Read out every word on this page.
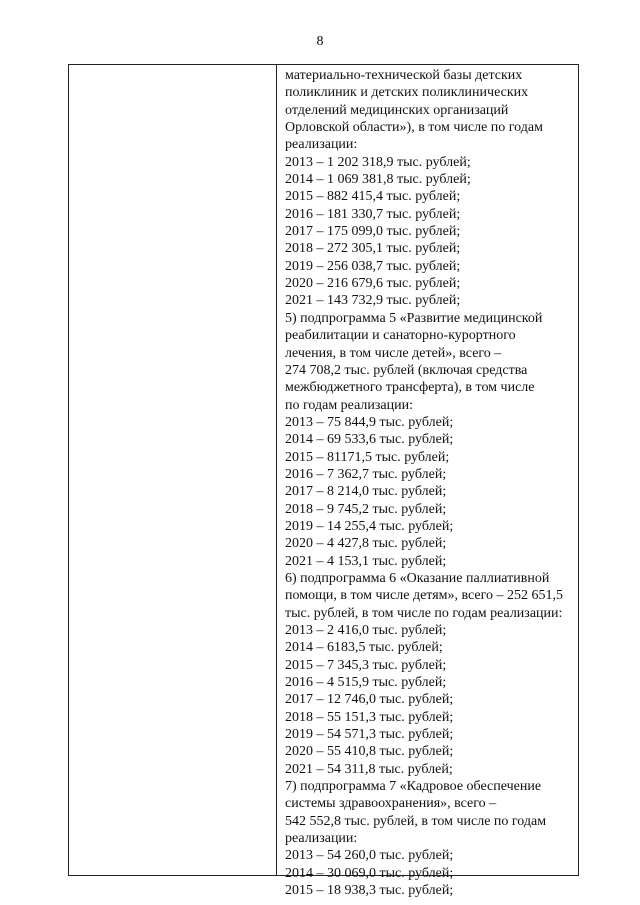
8
материально-технической базы детских
поликлиник и детских поликлинических
отделений медицинских организаций
Орловской области»), в том числе по годам
реализации:
2013 – 1 202 318,9 тыс. рублей;
2014 – 1 069 381,8 тыс. рублей;
2015 – 882 415,4 тыс. рублей;
2016 – 181 330,7 тыс. рублей;
2017 – 175 099,0 тыс. рублей;
2018 – 272 305,1 тыс. рублей;
2019 – 256 038,7 тыс. рублей;
2020 – 216 679,6 тыс. рублей;
2021 – 143 732,9 тыс. рублей;
5) подпрограмма 5 «Развитие медицинской
реабилитации и санаторно-курортного
лечения, в том числе детей», всего –
274 708,2 тыс. рублей (включая средства
межбюджетного трансферта), в том числе
по годам реализации:
2013 – 75 844,9 тыс. рублей;
2014 – 69 533,6 тыс. рублей;
2015 – 81171,5 тыс. рублей;
2016 – 7 362,7 тыс. рублей;
2017 – 8 214,0 тыс. рублей;
2018 – 9 745,2 тыс. рублей;
2019 – 14 255,4 тыс. рублей;
2020 – 4 427,8 тыс. рублей;
2021 – 4 153,1 тыс. рублей;
6) подпрограмма 6 «Оказание паллиативной
помощи, в том числе детям», всего – 252 651,5
тыс. рублей, в том числе по годам реализации:
2013 – 2 416,0 тыс. рублей;
2014 – 6183,5 тыс. рублей;
2015 – 7 345,3 тыс. рублей;
2016 – 4 515,9 тыс. рублей;
2017 – 12 746,0 тыс. рублей;
2018 – 55 151,3 тыс. рублей;
2019 – 54 571,3 тыс. рублей;
2020 – 55 410,8 тыс. рублей;
2021 – 54 311,8 тыс. рублей;
7) подпрограмма 7 «Кадровое обеспечение
системы здравоохранения», всего –
542 552,8 тыс. рублей, в том числе по годам
реализации:
2013 – 54 260,0 тыс. рублей;
2014 – 30 069,0 тыс. рублей;
2015 – 18 938,3 тыс. рублей;
